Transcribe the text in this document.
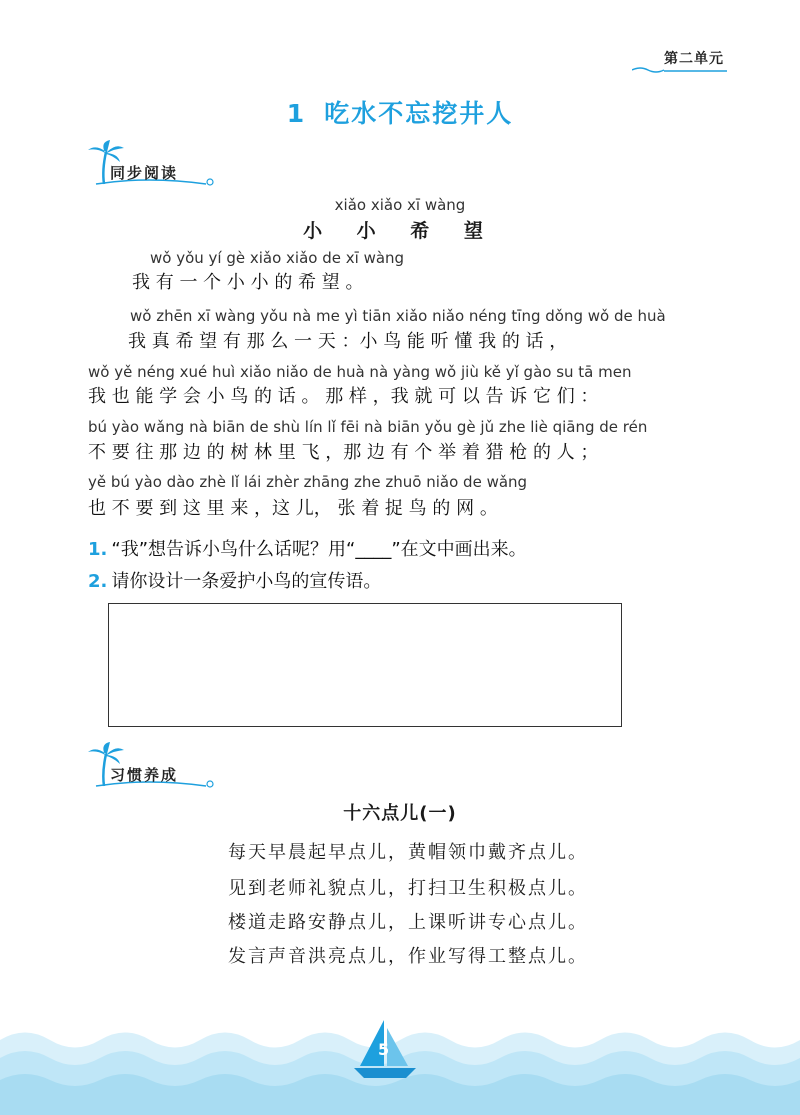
第二单元
1 吃水不忘挖井人
同步阅读
xiǎo xiǎo xī wàng
小 小 希 望
wǒ yǒu yí gè xiǎo xiǎo de xī wàng
我 有 一 个 小 小 的 希 望 。
wǒ zhēn xī wàng yǒu nà me yì tiān xiǎo niǎo néng tīng dǒng wǒ de huà
我 真 希 望 有 那 么 一 天 ：小 鸟 能 听 懂 我 的 话 ，
wǒ yě néng xué huì xiǎo niǎo de huà nà yàng wǒ jiù kě yǐ gào su tā men
我 也 能 学 会 小 鸟 的 话 。 那 样 ，我 就 可 以 告 诉 它 们 ：
bú yào wǎng nà biān de shù lín lǐ fēi nà biān yǒu gè jǔ zhe liè qiāng de rén
不 要 往 那 边 的 树 林 里 飞 ，那 边 有 个 举 着 猎 枪 的 人 ；
yě bú yào dào zhè lǐ lái zhèr zhāng zhe zhuō niǎo de wǎng
也 不 要 到 这 里 来 ，这 儿， 张 着 捉 鸟 的 网 。
1. “我”想告诉小鸟什么话呢？用“____”在文中画出来。
2. 请你设计一条爱护小鸟的宣传语。
习惯养成
十六点儿(一)
每天早晨起早点儿，黄帽领巾戴齐点儿。
见到老师礼貌点儿，打扫卫生积极点儿。
楼道走路安静点儿，上课听讲专心点儿。
发言声音洪亮点儿，作业写得工整点儿。
5
